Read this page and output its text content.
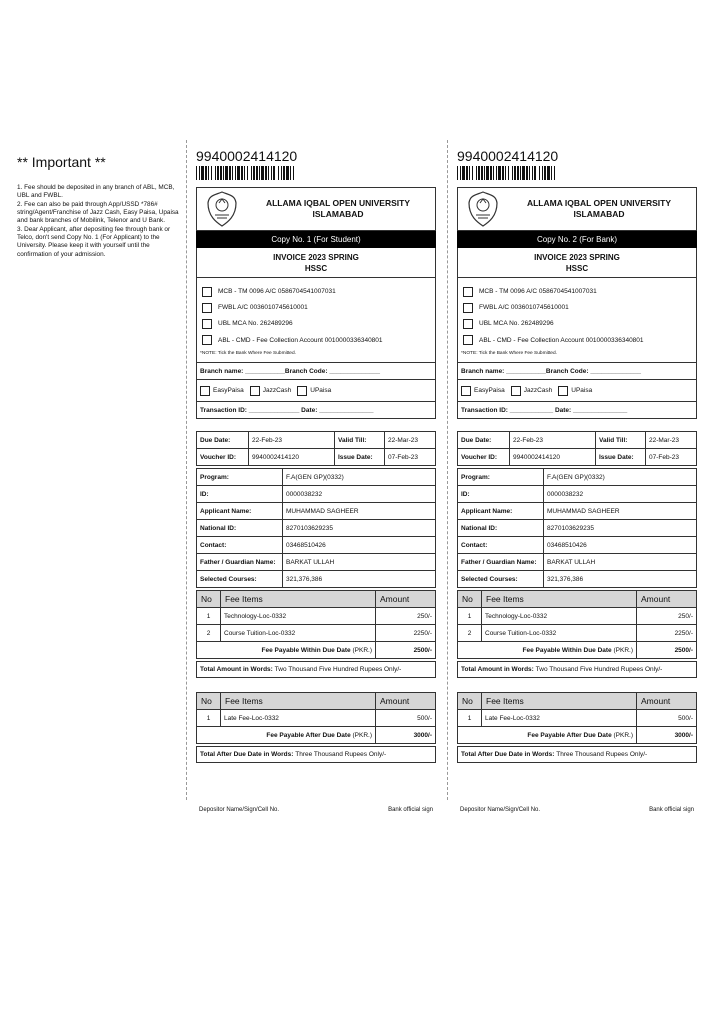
** Important **
1. Fee should be deposited in any branch of ABL, MCB, UBL and FWBL.
2. Fee can also be paid through App/USSD *786# string/Agent/Franchise of Jazz Cash, Easy Paisa, Upaisa and bank branches of Mobilink, Telenor and U Bank.
3. Dear Applicant, after depositing fee through bank or Telco, don't send Copy No. 1 (For Applicant) to the University. Please keep it with yourself until the confirmation of your admission.
9940002414120
ALLAMA IQBAL OPEN UNIVERSITY
ISLAMABAD
Copy No. 1 (For Student)
INVOICE 2023 SPRING
HSSC
MCB - TM 0096 A/C 0586704541007031
FWBL A/C 0036010745610001
UBL MCA No. 262489296
ABL - CMD - Fee Collection Account 0010000336340801
*NOTE: Tick the Bank Where Fee Submitted.
Branch name: ___________Branch Code: ______________
EasyPaisa	JazzCash	UPaisa
Transaction ID: ______________ Date: _______________
Due Date:	22-Feb-23	Valid Till:	22-Mar-23
Voucher ID:	9940002414120	Issue Date:	07-Feb-23
Program:	F.A(GEN GP)(0332)
ID:	0000038232
Applicant Name:	MUHAMMAD SAGHEER
National ID:	8270103629235
Contact:	03468510426
Father / Guardian Name:	BARKAT ULLAH
Selected Courses:	321,376,386
No	Fee Items	Amount
1	Technology-Loc-0332	250/-
2	Course Tuition-Loc-0332	2250/-
Fee Payable Within Due Date (PKR.)		2500/-
Total Amount in Words:
Two Thousand Five Hundred Rupees Only/-
No	Fee Items	Amount
1	Late Fee-Loc-0332	500/-
Fee Payable After Due Date (PKR.)		3000/-
Total After Due Date in Words:
Three Thousand Rupees Only/-
Depositor Name/Sign/Cell No.	Bank official sign
9940002414120
ALLAMA IQBAL OPEN UNIVERSITY
ISLAMABAD
Copy No. 2 (For Bank)
INVOICE 2023 SPRING
HSSC
MCB - TM 0096 A/C 0586704541007031
FWBL A/C 0036010745610001
UBL MCA No. 262489296
ABL - CMD - Fee Collection Account 0010000336340801
*NOTE: Tick the Bank Where Fee Submitted.
Branch name: ___________Branch Code: ______________
EasyPaisa	JazzCash	UPaisa
Transaction ID: ____________ Date: _______________
Due Date:	22-Feb-23	Valid Till:	22-Mar-23
Voucher ID:	9940002414120	Issue Date:	07-Feb-23
Program:	F.A(GEN GP)(0332)
ID:	0000038232
Applicant Name:	MUHAMMAD SAGHEER
National ID:	8270103629235
Contact:	03468510426
Father / Guardian Name:	BARKAT ULLAH
Selected Courses:	321,376,386
No	Fee Items	Amount
1	Technology-Loc-0332	250/-
2	Course Tuition-Loc-0332	2250/-
Fee Payable Within Due Date (PKR.)		2500/-
Total Amount in Words:
Two Thousand Five Hundred Rupees Only/-
No	Fee Items	Amount
1	Late Fee-Loc-0332	500/-
Fee Payable After Due Date (PKR.)		3000/-
Total After Due Date in Words:
Three Thousand Rupees Only/-
Depositor Name/Sign/Cell No.	Bank official sign
